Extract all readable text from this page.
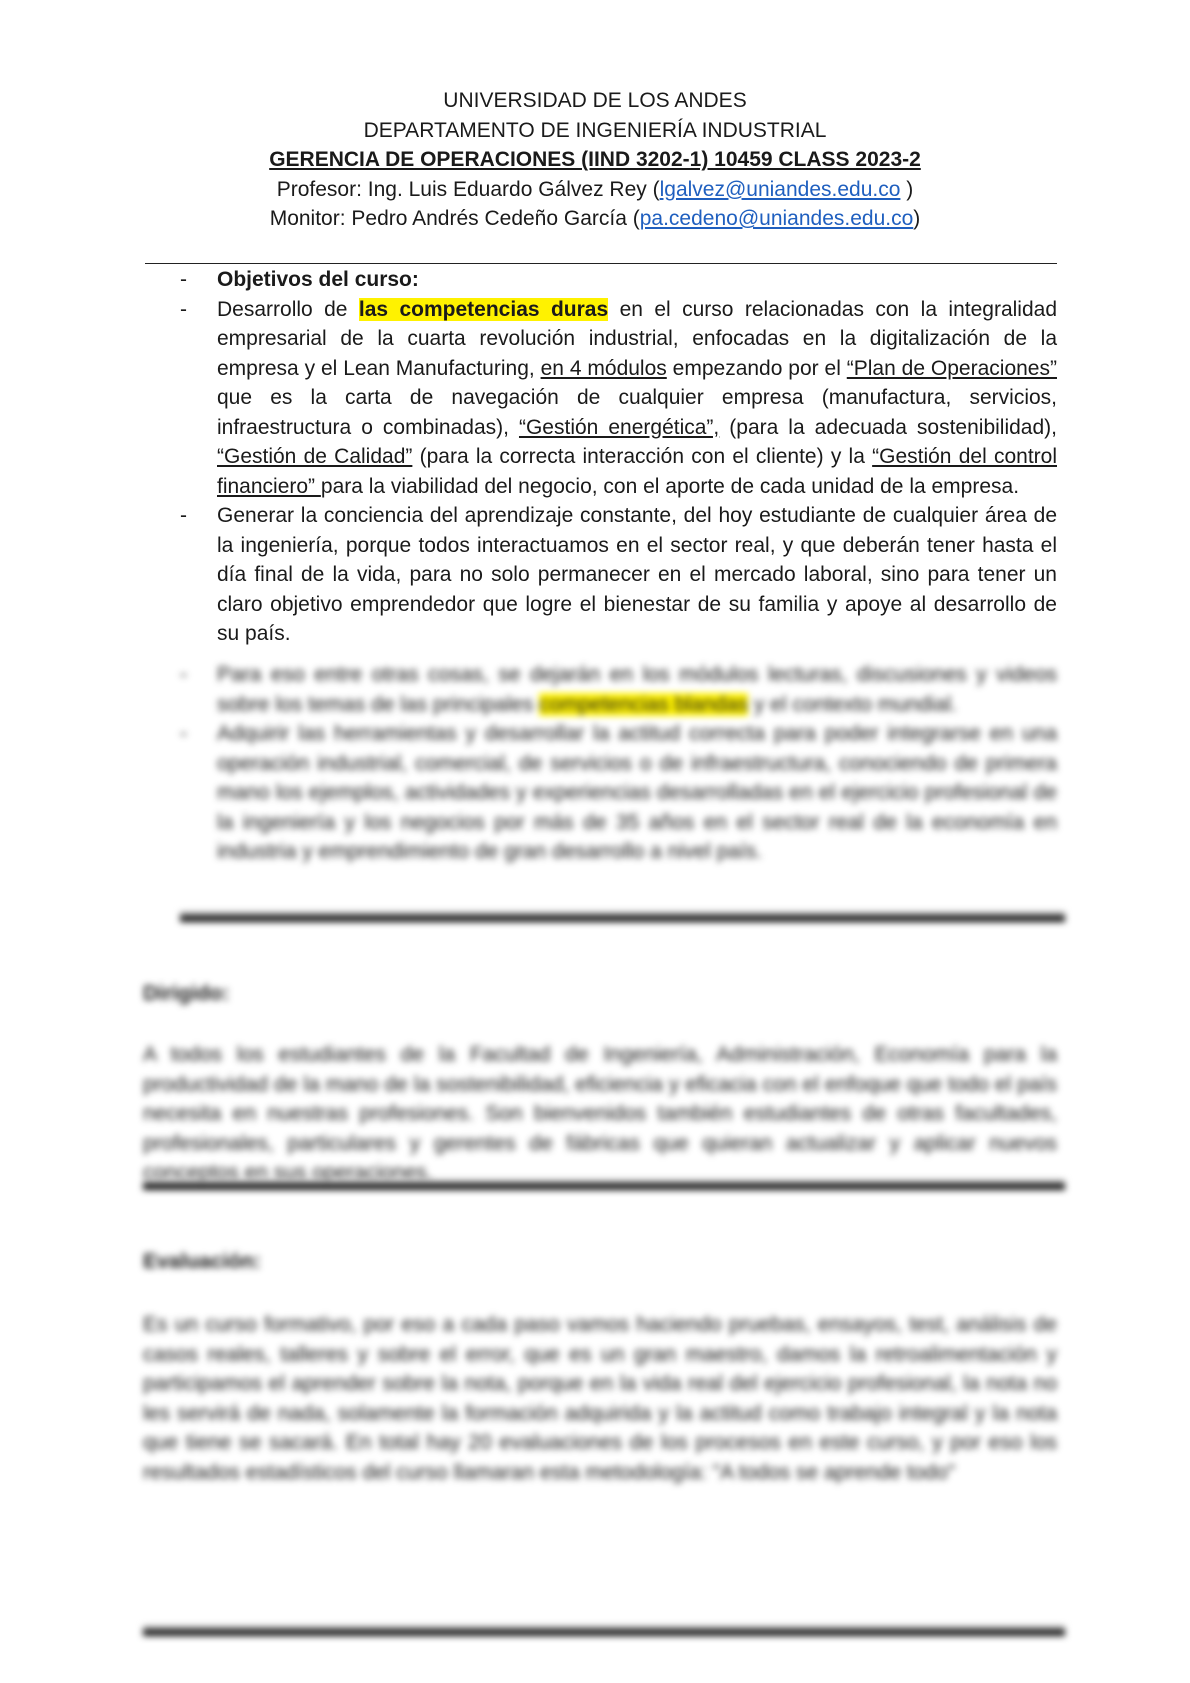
UNIVERSIDAD DE LOS ANDES
DEPARTAMENTO DE INGENIERÍA INDUSTRIAL
GERENCIA DE OPERACIONES (IIND 3202-1) 10459 CLASS 2023-2
Profesor: Ing. Luis Eduardo Gálvez Rey (lgalvez@uniandes.edu.co )
Monitor: Pedro Andrés Cedeño García (pa.cedeno@uniandes.edu.co)
- Objetivos del curso:
- Desarrollo de las competencias duras en el curso relacionadas con la integralidad empresarial de la cuarta revolución industrial, enfocadas en la digitalización de la empresa y el Lean Manufacturing, en 4 módulos empezando por el “Plan de Operaciones” que es la carta de navegación de cualquier empresa (manufactura, servicios, infraestructura o combinadas), “Gestión energética”, (para la adecuada sostenibilidad), “Gestión de Calidad” (para la correcta interacción con el cliente) y la “Gestión del control financiero” para la viabilidad del negocio, con el aporte de cada unidad de la empresa.
- Generar la conciencia del aprendizaje constante, del hoy estudiante de cualquier área de la ingeniería, porque todos interactuamos en el sector real, y que deberán tener hasta el día final de la vida, para no solo permanecer en el mercado laboral, sino para tener un claro objetivo emprendedor que logre el bienestar de su familia y apoye al desarrollo de su país.
- Para eso entre otras cosas, se dejarán en los módulos lecturas, discusiones y videos sobre los temas de las principales competencias blandas y el contexto mundial.
- Adquirir las herramientas y desarrollar la actitud correcta para poder integrarse en una operación industrial, comercial, de servicios o de infraestructura, conociendo de primera mano los ejemplos, actividades y experiencias desarrolladas en el ejercicio profesional de la ingeniería y los negocios por más de 35 años en el sector real de la economía en industria y emprendimiento de gran desarrollo a nivel país.
Dirigido:
A todos los estudiantes de la Facultad de Ingeniería, Administración, Economía para la productividad de la mano de la sostenibilidad, eficiencia y eficacia con el enfoque que todo el país necesita en nuestras profesiones. Son bienvenidos también estudiantes de otras facultades, profesionales, particulares y gerentes de fábricas que quieran actualizar y aplicar nuevos conceptos en sus operaciones.
Evaluación:
Es un curso formativo, por eso a cada paso vamos haciendo pruebas, ensayos, test, análisis de casos reales, talleres y sobre el error, que es un gran maestro, damos la retroalimentación y participamos el aprender sobre la nota, porque en la vida real del ejercicio profesional, la nota no les servirá de nada, solamente la formación adquirida y la actitud como trabajo integral y la nota que tiene se sacará. En total hay 20 evaluaciones de los procesos en este curso, y por eso los resultados estadísticos del curso llamaran esta metodología: "A todos se aprende todo"
